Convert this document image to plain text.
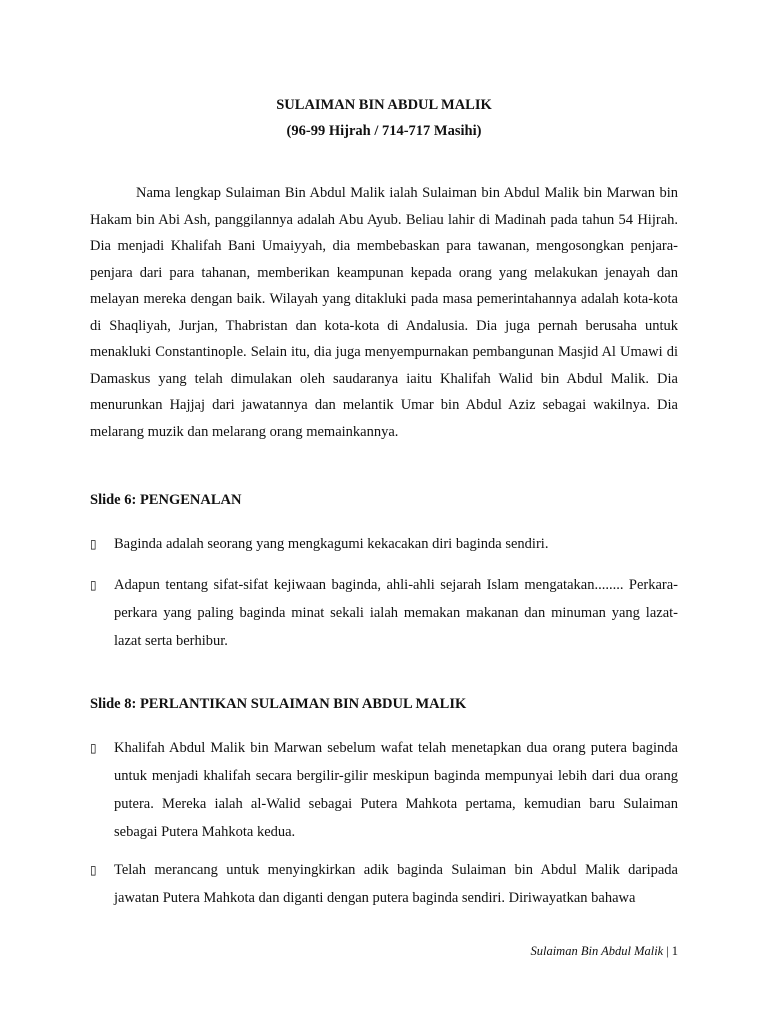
SULAIMAN BIN ABDUL MALIK
(96-99 Hijrah / 714-717 Masihi)

Nama lengkap Sulaiman Bin Abdul Malik ialah Sulaiman bin Abdul Malik bin Marwan bin Hakam bin Abi Ash, panggilannya adalah Abu Ayub. Beliau lahir di Madinah pada tahun 54 Hijrah. Dia menjadi Khalifah Bani Umaiyyah, dia membebaskan para tawanan, mengosongkan penjara-penjara dari para tahanan, memberikan keampunan kepada orang yang melakukan jenayah dan melayan mereka dengan baik. Wilayah yang ditakluki pada masa pemerintahannya adalah kota-kota di Shaqliyah, Jurjan, Thabristan dan kota-kota di Andalusia. Dia juga pernah berusaha untuk menakluki Constantinople. Selain itu, dia juga menyempurnakan pembangunan Masjid Al Umawi di Damaskus yang telah dimulakan oleh saudaranya iaitu Khalifah Walid bin Abdul Malik. Dia menurunkan Hajjaj dari jawatannya dan melantik Umar bin Abdul Aziz sebagai wakilnya. Dia melarang muzik dan melarang orang memainkannya.

Slide 6: PENGENALAN
▯	Baginda adalah seorang yang mengkagumi kekacakan diri baginda sendiri.
▯	Adapun tentang sifat-sifat kejiwaan baginda, ahli-ahli sejarah Islam mengatakan........ Perkara-perkara yang paling baginda minat sekali ialah memakan makanan dan minuman yang lazat-lazat serta berhibur.
Slide 8: PERLANTIKAN SULAIMAN BIN ABDUL MALIK
▯	Khalifah Abdul Malik bin Marwan sebelum wafat telah menetapkan dua orang putera baginda untuk menjadi khalifah secara bergilir-gilir meskipun baginda mempunyai lebih dari dua orang putera. Mereka ialah al-Walid sebagai Putera Mahkota pertama, kemudian baru Sulaiman sebagai Putera Mahkota kedua.
▯	Telah merancang untuk menyingkirkan adik baginda Sulaiman bin Abdul Malik daripada jawatan Putera Mahkota dan diganti dengan putera baginda sendiri. Diriwayatkan bahawa
Sulaiman Bin Abdul Malik | 1
